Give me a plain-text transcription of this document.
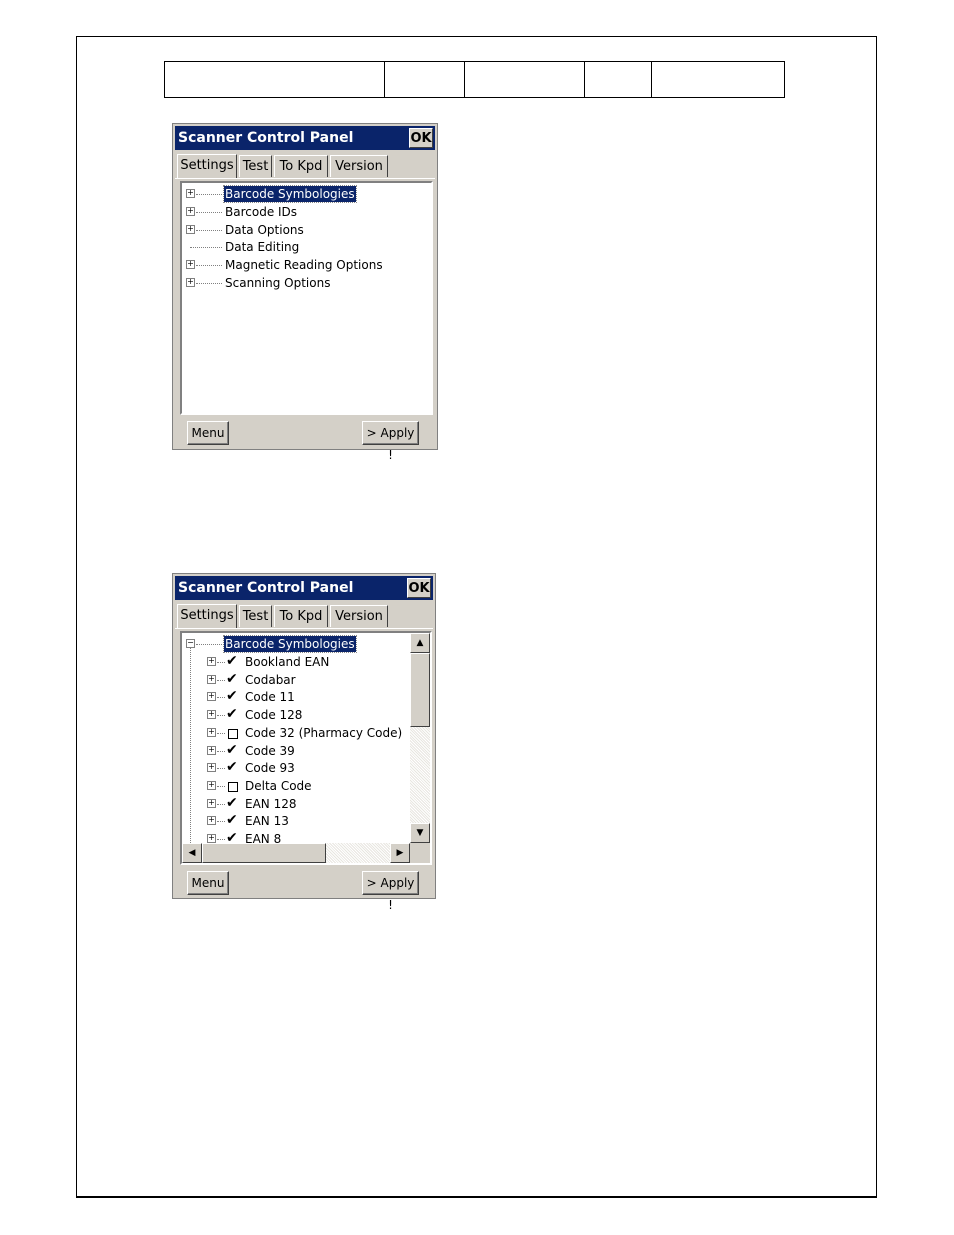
Scanner Control Panel	OK
Settings Test To Kpd Version
+	Barcode Symbologies
+	Barcode IDs
+	Data Options
Data Editing
+	Magnetic Reading Options
+	Scanning Options
Menu	> Apply !
Scanner Control Panel	OK
Settings Test To Kpd Version
−	Barcode Symbologies
+ ✔ Bookland EAN
+ ✔ Codabar
+ ✔ Code 11
+ ✔ Code 128
+	Code 32 (Pharmacy Code)
+ ✔ Code 39
+ ✔ Code 93
+	Delta Code
+ ✔ EAN 128
+ ✔ EAN 13
+ ✔ EAN 8
▲
▼
◀	▶
Menu	> Apply !
